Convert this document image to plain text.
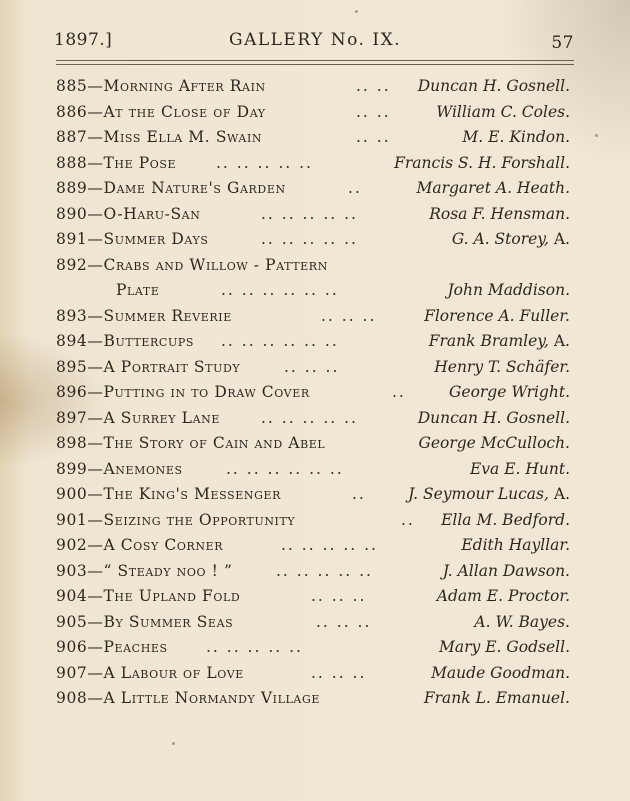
1897.]	GALLERY No. IX.	57
885—Morning After Rain	.. .. Duncan H. Gosnell.
886—At the Close of Day	.. ..	William C. Coles.
887—Miss Ella M. Swain	.. ..	M. E. Kindon.
888—The Pose	.. .. .. .. ..	Francis S. H. Forshall.
889—Dame Nature's Garden	..	Margaret A. Heath.
890—O-Haru-San	.. .. .. .. ..	Rosa F. Hensman.
891—Summer Days	.. .. .. .. ..	G. A. Storey, A.
892—Crabs and Willow - Pattern
Plate	.. .. .. .. .. ..	John Maddison.
893—Summer Reverie	.. .. ..	Florence A. Fuller.
894—Buttercups .. .. .. .. .. ..	Frank Bramley, A.
895—A Portrait Study	.. .. ..	Henry T. Schäfer.
896—Putting in to Draw Cover	..	George Wright.
897—A Surrey Lane	.. .. .. .. ..	Duncan H. Gosnell.
898—The Story of Cain and Abel	George McCulloch.
899—Anemones	.. .. .. .. .. ..	Eva E. Hunt.
900—The King's Messenger	..	J. Seymour Lucas, A.
901—Seizing the Opportunity	.. Ella M. Bedford.
902—A Cosy Corner	.. .. .. .. ..	Edith Hayllar.
903—“ Steady noo ! ”	.. .. .. .. ..	J. Allan Dawson.
904—The Upland Fold	.. .. ..	Adam E. Proctor.
905—By Summer Seas	.. .. ..	A. W. Bayes.
906—Peaches .. .. .. .. ..	Mary E. Godsell.
907—A Labour of Love	.. .. ..	Maude Goodman.
908—A Little Normandy Village	Frank L. Emanuel.
